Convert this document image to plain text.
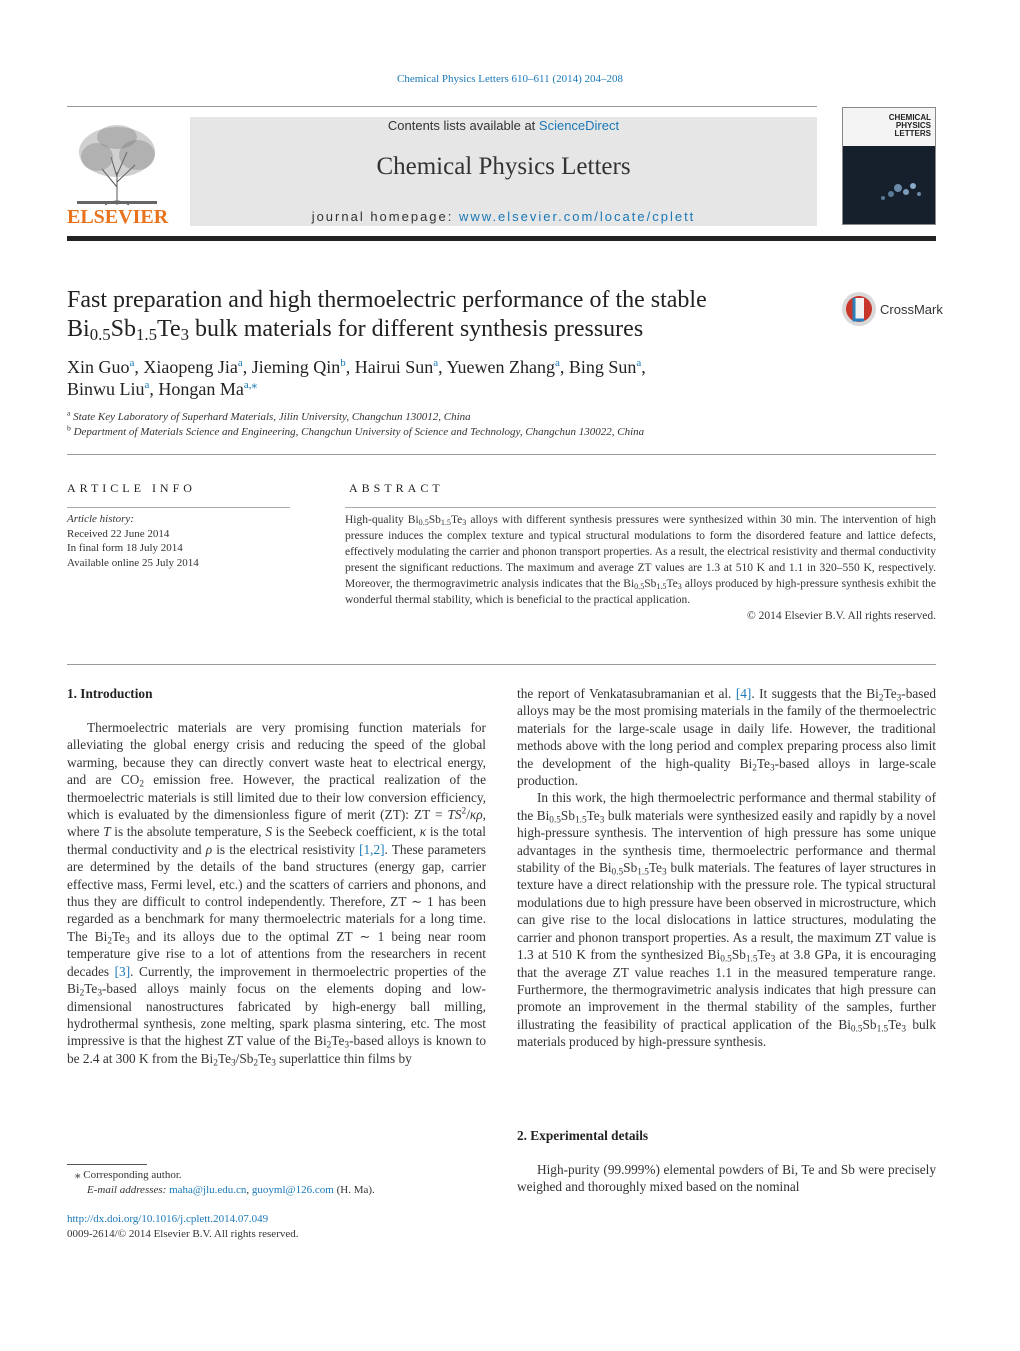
Chemical Physics Letters 610–611 (2014) 204–208
ELSEVIER
Contents lists available at ScienceDirect
Chemical Physics Letters
journal homepage: www.elsevier.com/locate/cplett
CHEMICAL
PHYSICS
LETTERS
Fast preparation and high thermoelectric performance of the stable
$Bi_{0.5}Sb_{1.5}Te_3$ bulk materials for different synthesis pressures
CrossMark
Xin Guo$^a$, Xiaopeng Jia$^a$, Jieming Qin$^b$, Hairui Sun$^a$, Yuewen Zhang$^a$, Bing Sun$^a$,
Binwu Liu$^a$, Hongan $Ma^{a,⁎}$
$^a$ State Key Laboratory of Superhard Materials, Jilin University, Changchun 130012, China
$^b$ Department of Materials Science and Engineering, Changchun University of Science and Technology, Changchun 130022, China
ARTICLE INFO
Article history:
Received 22 June 2014
In final form 18 July 2014
Available online 25 July 2014
ABSTRACT
High-quality $Bi_{0.5}Sb_{1.5}Te_3$ alloys with different synthesis pressures were synthesized within 30 min. The intervention of high pressure induces the complex texture and typical structural modulations to form the disordered feature and lattice defects, effectively modulating the carrier and phonon transport properties. As a result, the electrical resistivity and thermal conductivity present the significant reductions. The maximum and average ZT values are 1.3 at 510 K and 1.1 in 320–550 K, respectively. Moreover, the thermogravimetric analysis indicates that the $Bi_{0.5}Sb_{1.5}Te_3$ alloys produced by high-pressure synthesis exhibit the wonderful thermal stability, which is beneficial to the practical application.
© 2014 Elsevier B.V. All rights reserved.
1. Introduction

Thermoelectric materials are very promising function materials for alleviating the global energy crisis and reducing the speed of the global warming, because they can directly convert waste heat to electrical energy, and are $CO_2$ emission free. However, the practical realization of the thermoelectric materials is still limited due to their low conversion efficiency, which is evaluated by the dimensionless figure of merit (ZT): ZT = $TS^2/\kappa\rho$, where T is the absolute temperature, S is the Seebeck coefficient, κ is the total thermal conductivity and ρ is the electrical resistivity [1,2]. These parameters are determined by the details of the band structures (energy gap, carrier effective mass, Fermi level, etc.) and the scatters of carriers and phonons, and thus they are difficult to control independently. Therefore, ZT ∼ 1 has been regarded as a benchmark for many thermoelectric materials for a long time. The $Bi_2Te_3$ and its alloys due to the optimal ZT ∼ 1 being near room temperature give rise to a lot of attentions from the researchers in recent decades [3]. Currently, the improvement in thermoelectric properties of the $Bi_2Te_3$-based alloys mainly focus on the elements doping and low-dimensional nanostructures fabricated by high-energy ball milling, hydrothermal synthesis, zone melting, spark plasma sintering, etc. The most impressive is that the highest ZT value of the $Bi_2Te_3$-based alloys is known to be 2.4 at 300 K from the $Bi_2Te_3/Sb_2Te_3$ superlattice thin films by

the report of Venkatasubramanian et al. [4]. It suggests that the $Bi_2Te_3$-based alloys may be the most promising materials in the family of the thermoelectric materials for the large-scale usage in daily life. However, the traditional methods above with the long period and complex preparing process also limit the development of the high-quality $Bi_2Te_3$-based alloys in large-scale production.

In this work, the high thermoelectric performance and thermal stability of the $Bi_{0.5}Sb_{1.5}Te_3$ bulk materials were synthesized easily and rapidly by a novel high-pressure synthesis. The intervention of high pressure has some unique advantages in the synthesis time, thermoelectric performance and thermal stability of the $Bi_{0.5}Sb_{1.5}Te_3$ bulk materials. The features of layer structures in texture have a direct relationship with the pressure role. The typical structural modulations due to high pressure have been observed in microstructure, which can give rise to the local dislocations in lattice structures, modulating the carrier and phonon transport properties. As a result, the maximum ZT value is 1.3 at 510 K from the synthesized $Bi_{0.5}Sb_{1.5}Te_3$ at 3.8 GPa, it is encouraging that the average ZT value reaches 1.1 in the measured temperature range. Furthermore, the thermogravimetric analysis indicates that high pressure can promote an improvement in the thermal stability of the samples, further illustrating the feasibility of practical application of the $Bi_{0.5}Sb_{1.5}Te_3$ bulk materials produced by high-pressure synthesis.

2. Experimental details

High-purity (99.999%) elemental powders of Bi, Te and Sb were precisely weighed and thoroughly mixed based on the nominal

⁎ Corresponding author.
E-mail addresses: maha@jlu.edu.cn, guoyml@126.com (H. Ma).
http://dx.doi.org/10.1016/j.cplett.2014.07.049
0009-2614/© 2014 Elsevier B.V. All rights reserved.
